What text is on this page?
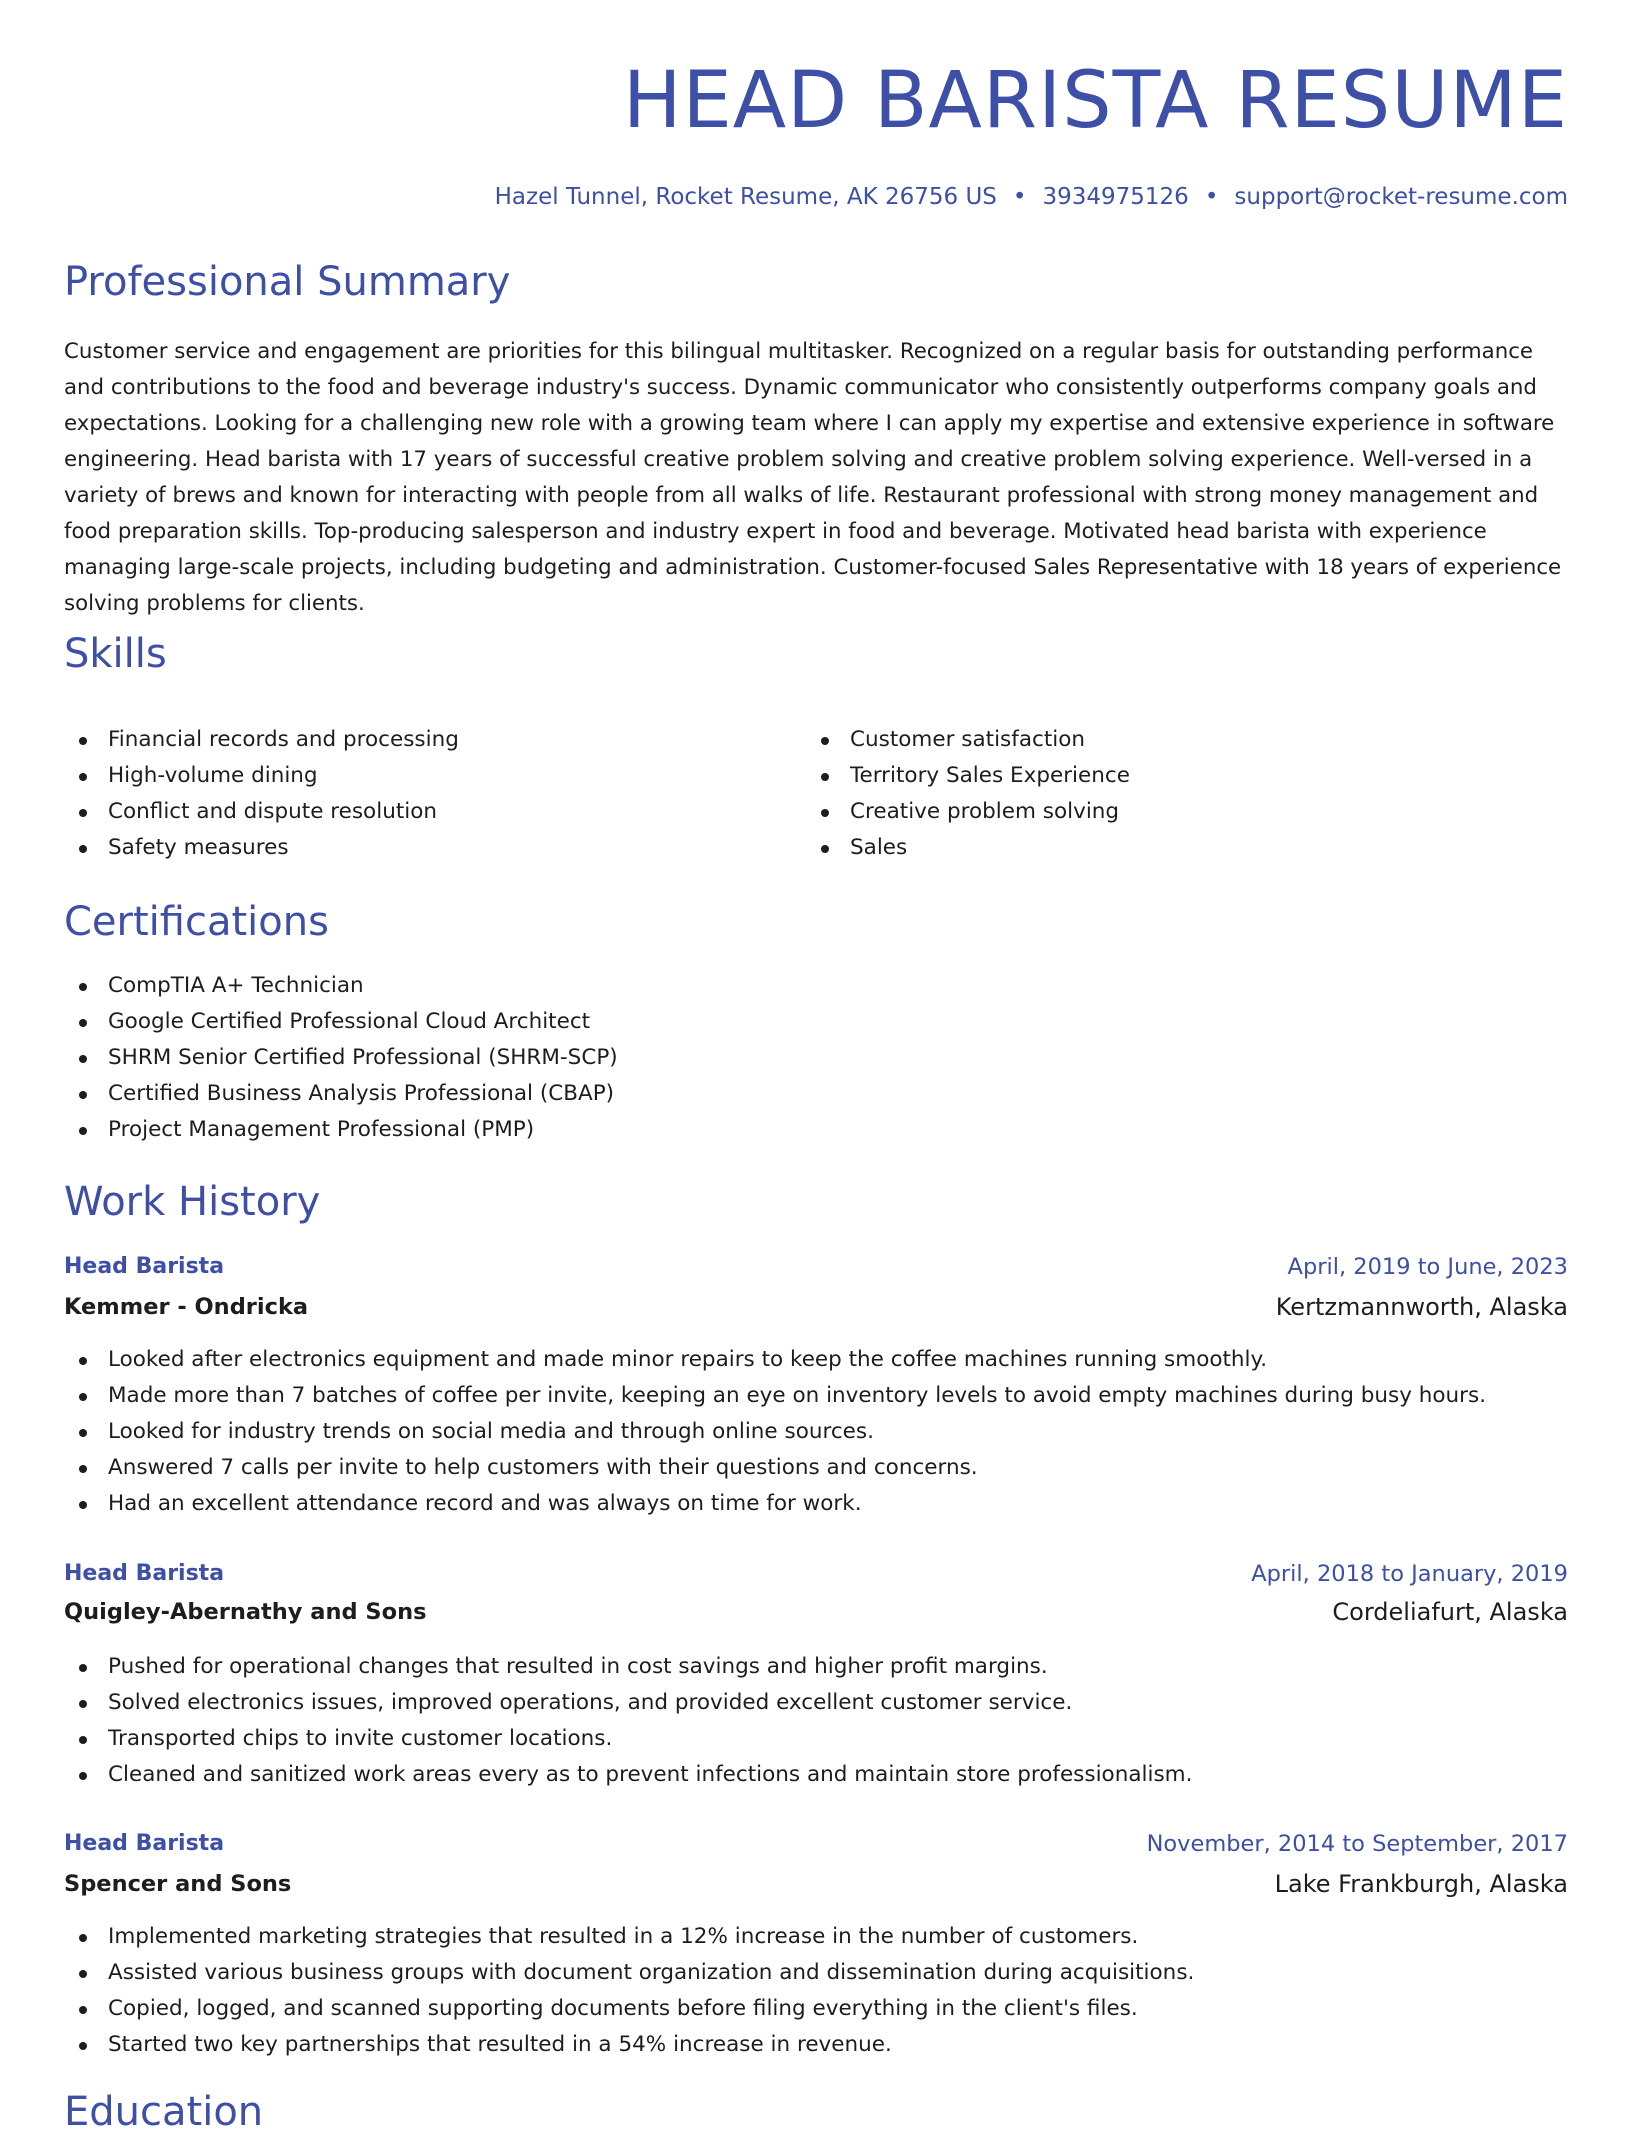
HEAD BARISTA RESUME
Hazel Tunnel, Rocket Resume, AK 26756 US • 3934975126 • support@rocket-resume.com
Professional Summary

Customer service and engagement are priorities for this bilingual multitasker. Recognized on a regular basis for outstanding performance and contributions to the food and beverage industry's success. Dynamic communicator who consistently outperforms company goals and expectations. Looking for a challenging new role with a growing team where I can apply my expertise and extensive experience in software engineering. Head barista with 17 years of successful creative problem solving and creative problem solving experience. Well-versed in a variety of brews and known for interacting with people from all walks of life. Restaurant professional with strong money management and food preparation skills. Top-producing salesperson and industry expert in food and beverage. Motivated head barista with experience managing large-scale projects, including budgeting and administration. Customer-focused Sales Representative with 18 years of experience solving problems for clients.

Skills
Financial records and processing
High-volume dining
Conflict and dispute resolution
Safety measures
Customer satisfaction
Territory Sales Experience
Creative problem solving
Sales
Certifications
CompTIA A+ Technician
Google Certified Professional Cloud Architect
SHRM Senior Certified Professional (SHRM-SCP)
Certified Business Analysis Professional (CBAP)
Project Management Professional (PMP)
Work History
Head Barista	April, 2019 to June, 2023
Kemmer - Ondricka	Kertzmannworth, Alaska
Looked after electronics equipment and made minor repairs to keep the coffee machines running smoothly.
Made more than 7 batches of coffee per invite, keeping an eye on inventory levels to avoid empty machines during busy hours.
Looked for industry trends on social media and through online sources.
Answered 7 calls per invite to help customers with their questions and concerns.
Had an excellent attendance record and was always on time for work.
Head Barista	April, 2018 to January, 2019
Quigley-Abernathy and Sons	Cordeliafurt, Alaska
Pushed for operational changes that resulted in cost savings and higher profit margins.
Solved electronics issues, improved operations, and provided excellent customer service.
Transported chips to invite customer locations.
Cleaned and sanitized work areas every as to prevent infections and maintain store professionalism.
Head Barista	November, 2014 to September, 2017
Spencer and Sons	Lake Frankburgh, Alaska
Implemented marketing strategies that resulted in a 12% increase in the number of customers.
Assisted various business groups with document organization and dissemination during acquisitions.
Copied, logged, and scanned supporting documents before filing everything in the client's files.
Started two key partnerships that resulted in a 54% increase in revenue.
Education
